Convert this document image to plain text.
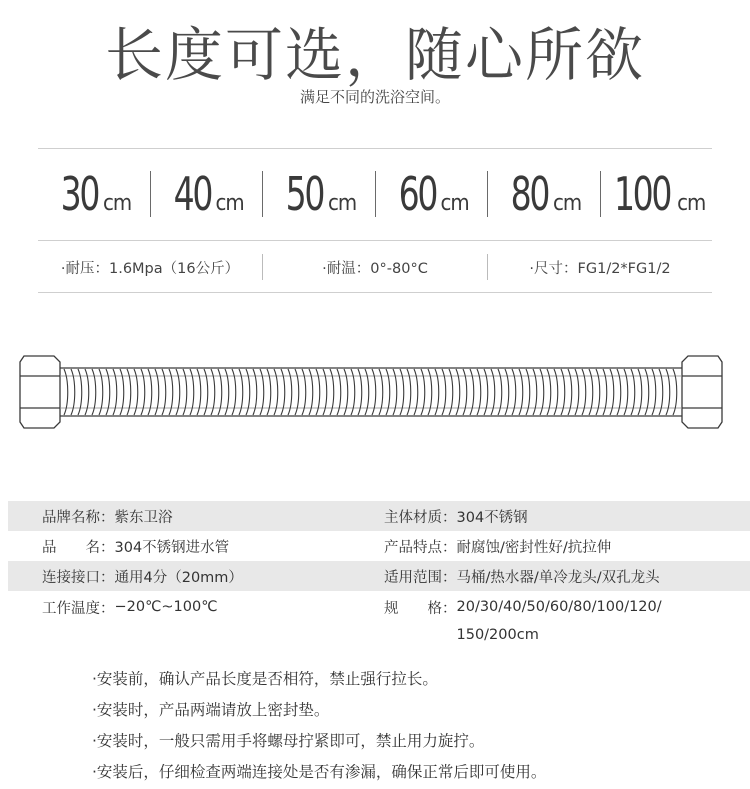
长度可选，随心所欲
满足不同的洗浴空间。
30 cm 40 cm 50 cm 60 cm 80 cm 100 cm
·耐压：1.6Mpa（16公斤）	·耐温：0°-80°C	·尺寸：FG1/2*FG1/2
品牌名称： 紫东卫浴	主体材质： 304不锈钢
品　　名： 304不锈钢进水管	产品特点： 耐腐蚀/密封性好/抗拉伸
连接接口： 通用4分（20mm）	适用范围： 马桶/热水器/单冷龙头/双孔龙头
工作温度： −20℃~100℃	规　　格： 20/30/40/50/60/80/100/120/
150/200cm
·安装前，确认产品长度是否相符，禁止强行拉长。
·安装时，产品两端请放上密封垫。
·安装时，一般只需用手将螺母拧紧即可，禁止用力旋拧。
·安装后，仔细检查两端连接处是否有渗漏，确保正常后即可使用。
